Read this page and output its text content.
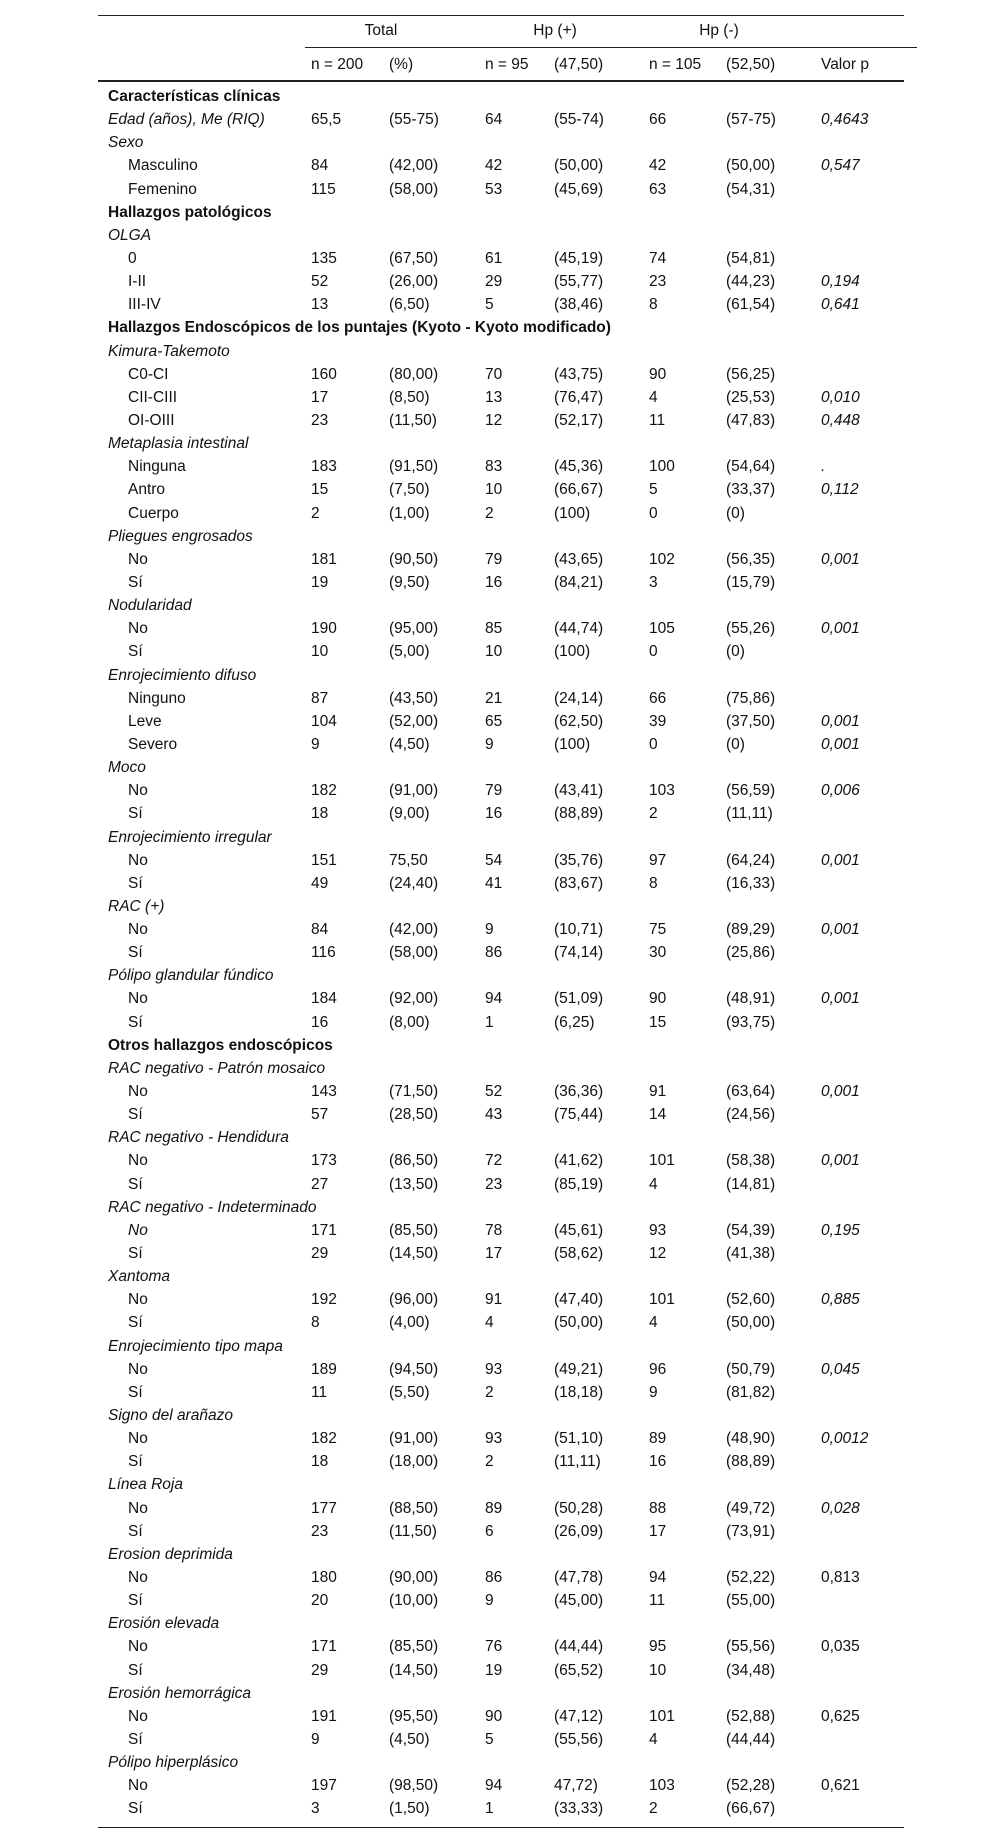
Total	Hp (+)	Hp (-)
n = 200 (%)	n = 95 (47,50)	n = 105 (52,50)	Valor p
Características clínicas
Edad (años), Me (RIQ)	65,5	(55-75)	64	(55-74)	66	(57-75)	0,4643
Sexo
Masculino	84	(42,00)	42	(50,00)	42	(50,00)	0,547
Femenino	115	(58,00)	53	(45,69)	63	(54,31)
Hallazgos patológicos
OLGA
0	135	(67,50)	61	(45,19)	74	(54,81)
I-II	52	(26,00)	29	(55,77)	23	(44,23)	0,194
III-IV	13	(6,50)	5	(38,46)	8	(61,54)	0,641
Hallazgos Endoscópicos de los puntajes (Kyoto - Kyoto modificado)
Kimura-Takemoto
C0-CI	160	(80,00)	70	(43,75)	90	(56,25)
CII-CIII	17	(8,50)	13	(76,47)	4	(25,53)	0,010
OI-OIII	23	(11,50)	12	(52,17)	11	(47,83)	0,448
Metaplasia intestinal
Ninguna	183	(91,50)	83	(45,36)	100	(54,64)	.
Antro	15	(7,50)	10	(66,67)	5	(33,37)	0,112
Cuerpo	2	(1,00)	2	(100)	0	(0)
Pliegues engrosados
No	181	(90,50)	79	(43,65)	102	(56,35)	0,001
Sí	19	(9,50)	16	(84,21)	3	(15,79)
Nodularidad
No	190	(95,00)	85	(44,74)	105	(55,26)	0,001
Sí	10	(5,00)	10	(100)	0	(0)
Enrojecimiento difuso
Ninguno	87	(43,50)	21	(24,14)	66	(75,86)
Leve	104	(52,00)	65	(62,50)	39	(37,50)	0,001
Severo	9	(4,50)	9	(100)	0	(0)	0,001
Moco
No	182	(91,00)	79	(43,41)	103	(56,59)	0,006
Sí	18	(9,00)	16	(88,89)	2	(11,11)
Enrojecimiento irregular
No	151	75,50	54	(35,76)	97	(64,24)	0,001
Sí	49	(24,40)	41	(83,67)	8	(16,33)
RAC (+)
No	84	(42,00)	9	(10,71)	75	(89,29)	0,001
Sí	116	(58,00)	86	(74,14)	30	(25,86)
Pólipo glandular fúndico
No	184	(92,00)	94	(51,09)	90	(48,91)	0,001
Sí	16	(8,00)	1	(6,25)	15	(93,75)
Otros hallazgos endoscópicos
RAC negativo - Patrón mosaico
No	143	(71,50)	52	(36,36)	91	(63,64)	0,001
Sí	57	(28,50)	43	(75,44)	14	(24,56)
RAC negativo - Hendidura
No	173	(86,50)	72	(41,62)	101	(58,38)	0,001
Sí	27	(13,50)	23	(85,19)	4	(14,81)
RAC negativo - Indeterminado
No	171	(85,50)	78	(45,61)	93	(54,39)	0,195
Sí	29	(14,50)	17	(58,62)	12	(41,38)
Xantoma
No	192	(96,00)	91	(47,40)	101	(52,60)	0,885
Sí	8	(4,00)	4	(50,00)	4	(50,00)
Enrojecimiento tipo mapa
No	189	(94,50)	93	(49,21)	96	(50,79)	0,045
Sí	11	(5,50)	2	(18,18)	9	(81,82)
Signo del arañazo
No	182	(91,00)	93	(51,10)	89	(48,90)	0,0012
Sí	18	(18,00)	2	(11,11)	16	(88,89)
Línea Roja
No	177	(88,50)	89	(50,28)	88	(49,72)	0,028
Sí	23	(11,50)	6	(26,09)	17	(73,91)
Erosion deprimida
No	180	(90,00)	86	(47,78)	94	(52,22)	0,813
Sí	20	(10,00)	9	(45,00)	11	(55,00)
Erosión elevada
No	171	(85,50)	76	(44,44)	95	(55,56)	0,035
Sí	29	(14,50)	19	(65,52)	10	(34,48)
Erosión hemorrágica
No	191	(95,50)	90	(47,12)	101	(52,88)	0,625
Sí	9	(4,50)	5	(55,56)	4	(44,44)
Pólipo hiperplásico
No	197	(98,50)	94	47,72)	103	(52,28)	0,621
Sí	3	(1,50)	1	(33,33)	2	(66,67)
